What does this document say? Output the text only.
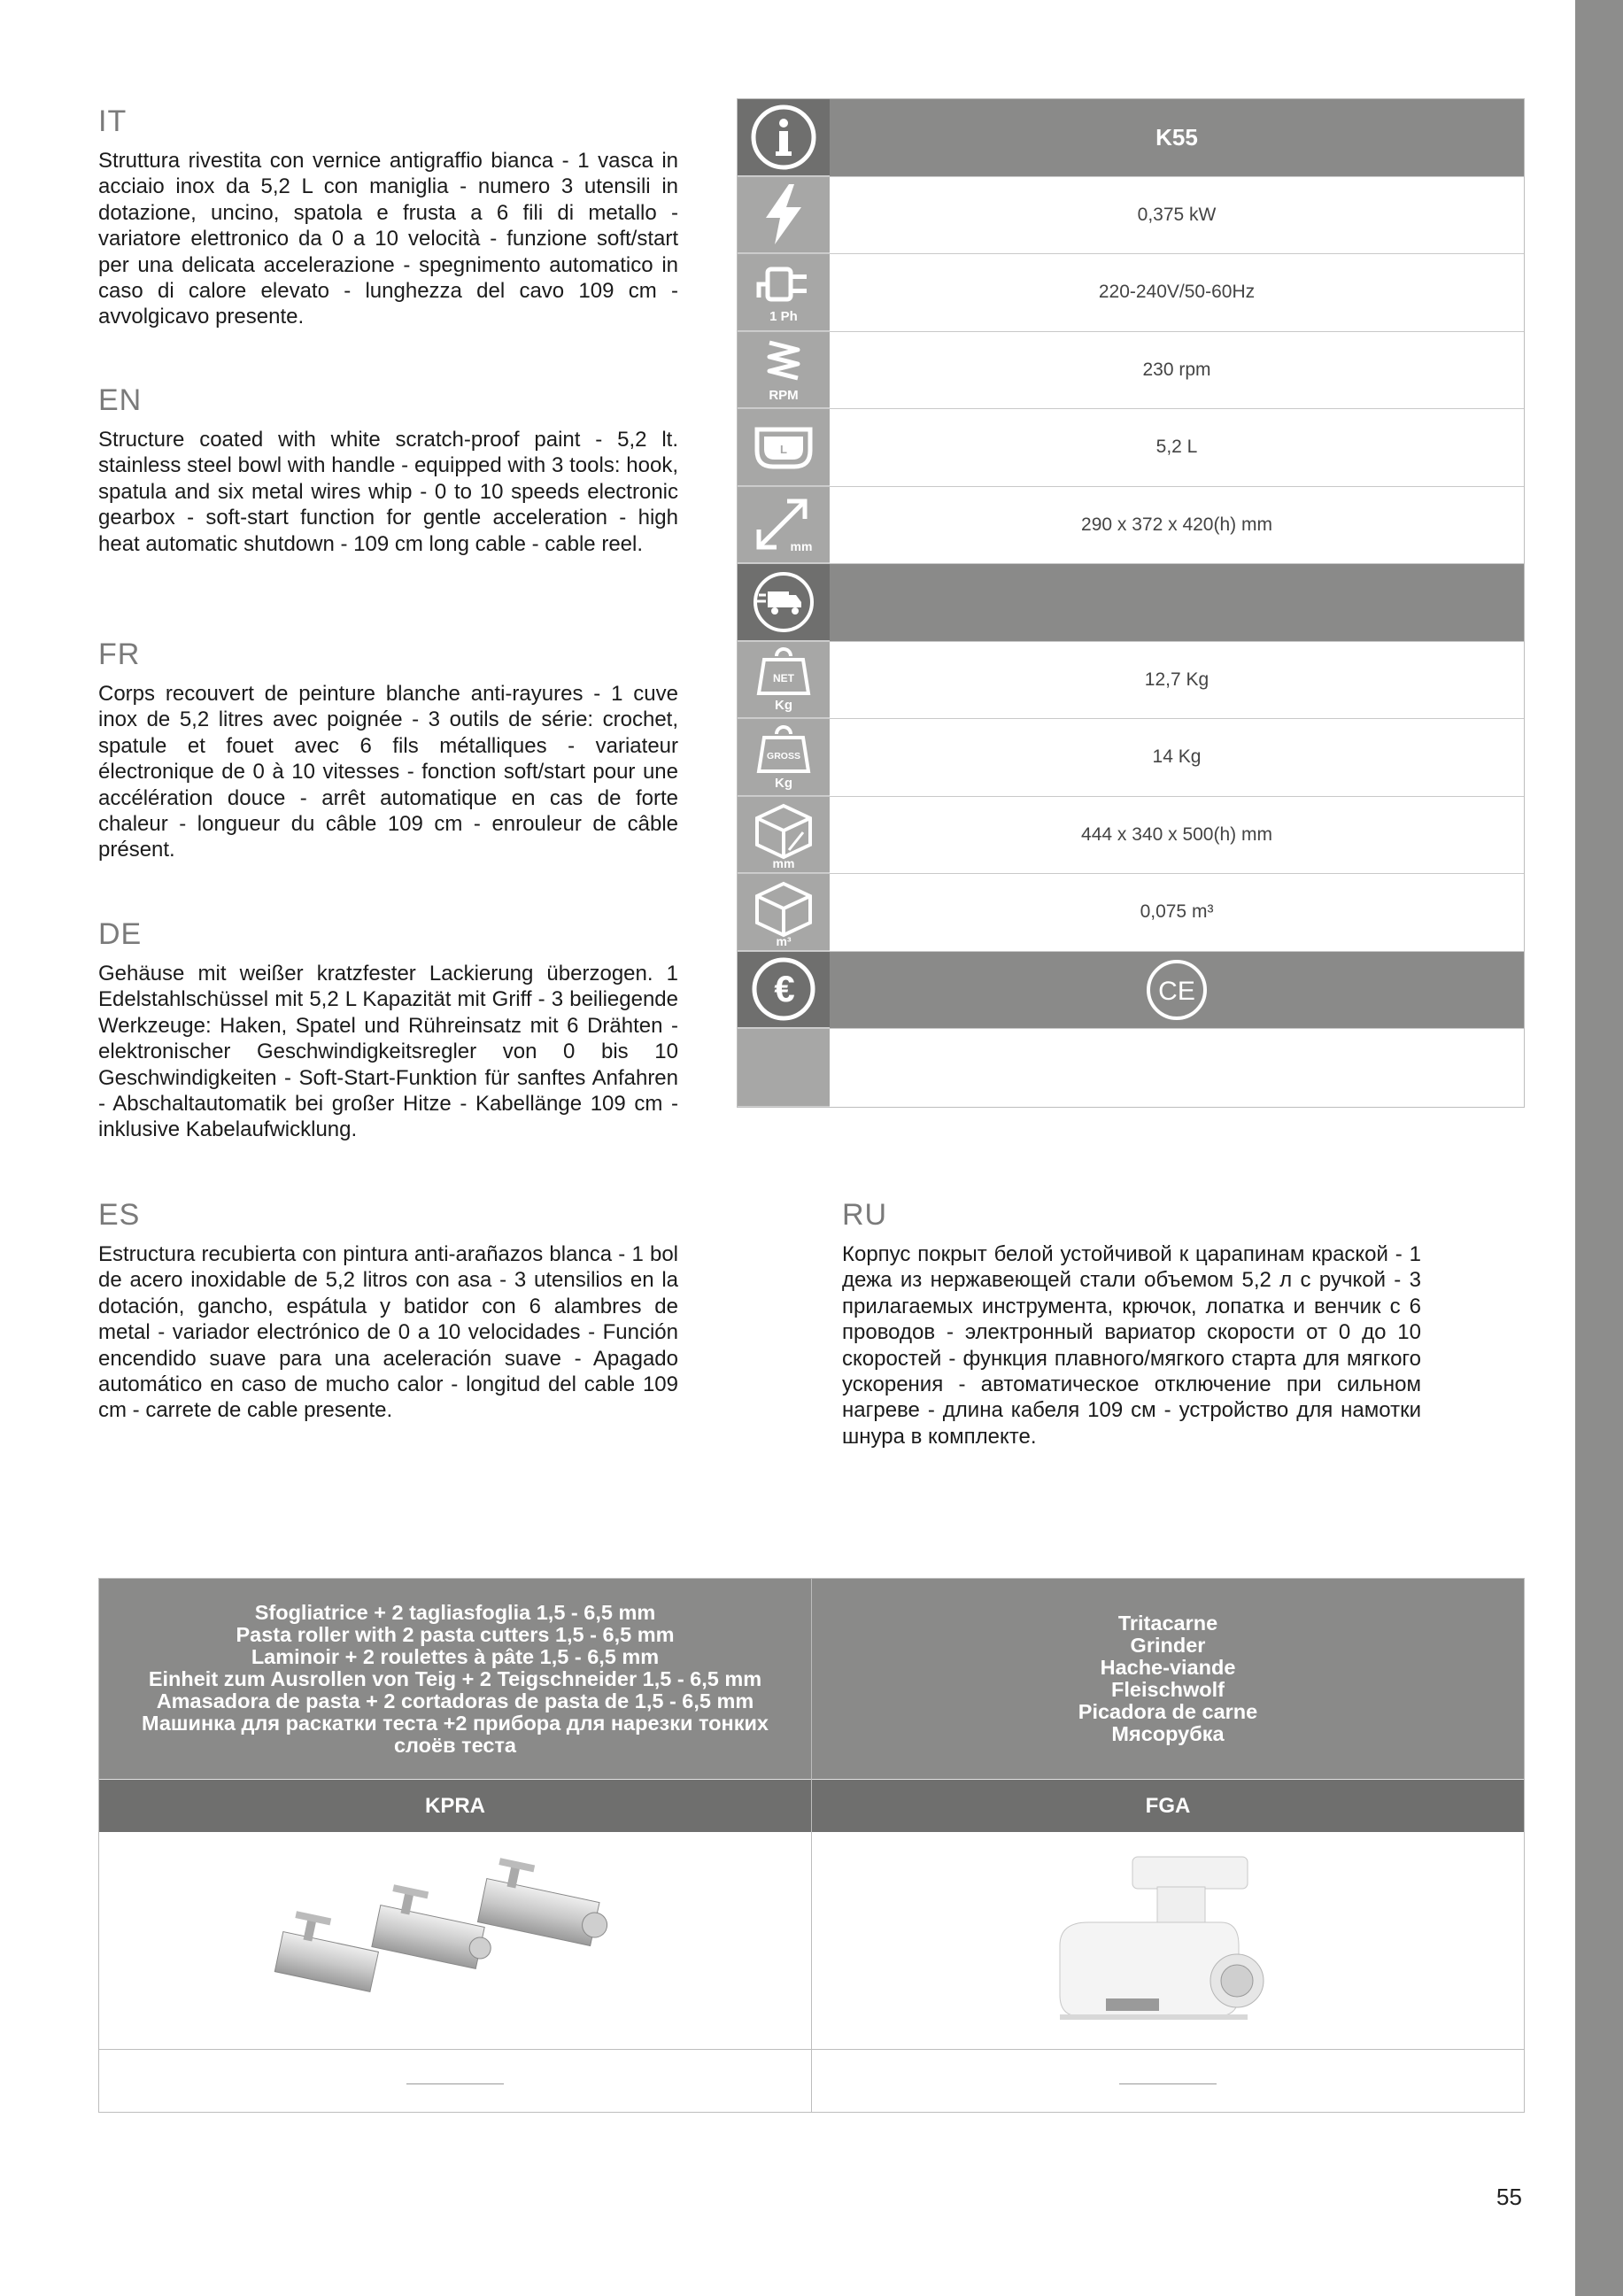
IT
Struttura rivestita con vernice antigraffio bianca - 1 vasca in acciaio inox da 5,2 L con maniglia - numero 3 utensili in dotazione, uncino, spatola e frusta a 6 fili di metallo - variatore elettronico da 0 a 10 velocità - funzione soft/start per una delicata accelerazione - spegnimento automatico in caso di calore elevato - lunghezza del cavo 109 cm - avvolgicavo presente.
EN
Structure coated with white scratch-proof paint - 5,2 lt. stainless steel bowl with handle - equipped with 3 tools: hook, spatula and six metal wires whip - 0 to 10 speeds electronic gearbox - soft-start function for gentle acceleration - high heat automatic shutdown - 109 cm long cable - cable reel.
FR
Corps recouvert de peinture blanche anti-rayures - 1 cuve inox de 5,2 litres avec poignée - 3 outils de série: crochet, spatule et fouet avec 6 fils métalliques - variateur électronique de 0 à 10 vitesses - fonction soft/start pour une accélération douce - arrêt automatique en cas de forte chaleur - longueur du câble 109 cm - enrouleur de câble présent.
DE
Gehäuse mit weißer kratzfester Lackierung überzogen. 1 Edelstahlschüssel mit 5,2 L Kapazität mit Griff - 3 beiliegende Werkzeuge: Haken, Spatel und Rühreinsatz mit 6 Drähten - elektronischer Geschwindigkeitsregler von 0 bis 10 Geschwindigkeiten - Soft-Start-Funktion für sanftes Anfahren - Abschaltautomatik bei großer Hitze - Kabellänge 109 cm - inklusive Kabelaufwicklung.
ES
Estructura recubierta con pintura anti-arañazos blanca - 1 bol de acero inoxidable de 5,2 litros con asa - 3 utensilios en la dotación, gancho, espátula y batidor con 6 alambres de metal - variador electrónico de 0 a 10 velocidades - Función encendido suave para una aceleración suave - Apagado automático en caso de mucho calor - longitud del cable 109 cm - carrete de cable presente.
RU
Корпус покрыт белой устойчивой к царапинам краской - 1 дежа из нержавеющей стали объемом 5,2 л с ручкой - 3 прилагаемых инструмента, крючок, лопатка и венчик с 6 проводов - электронный вариатор скорости от 0 до 10 скоростей - функция плавного/мягкого старта для мягкого ускорения - автоматическое отключение при сильном нагреве - длина кабеля 109 см - устройство для намотки шнура в комплекте.
K55
0,375 kW
1 Ph
220-240V/50-60Hz
RPM
230 rpm
L	5,2 L
mm
290 x 372 x 420(h) mm
NET
Kg
12,7 Kg
GROSS
Kg
14 Kg
mm
444 x 340 x 500(h) mm
m³
0,075 m³
€	CE
Sfogliatrice + 2 tagliasfoglia 1,5 - 6,5 mm
Pasta roller with 2 pasta cutters 1,5 - 6,5 mm
Laminoir + 2 roulettes à pâte 1,5 - 6,5 mm
Einheit zum Ausrollen von Teig + 2 Teigschneider 1,5 - 6,5 mm
Amasadora de pasta + 2 cortadoras de pasta de 1,5 - 6,5 mm
Машинка для раскатки теста +2 прибора для нарезки тонких
слоёв теста
KPRA
Tritacarne
Grinder
Hache-viande
Fleischwolf
Picadora de carne
Мясорубка
FGA
55
